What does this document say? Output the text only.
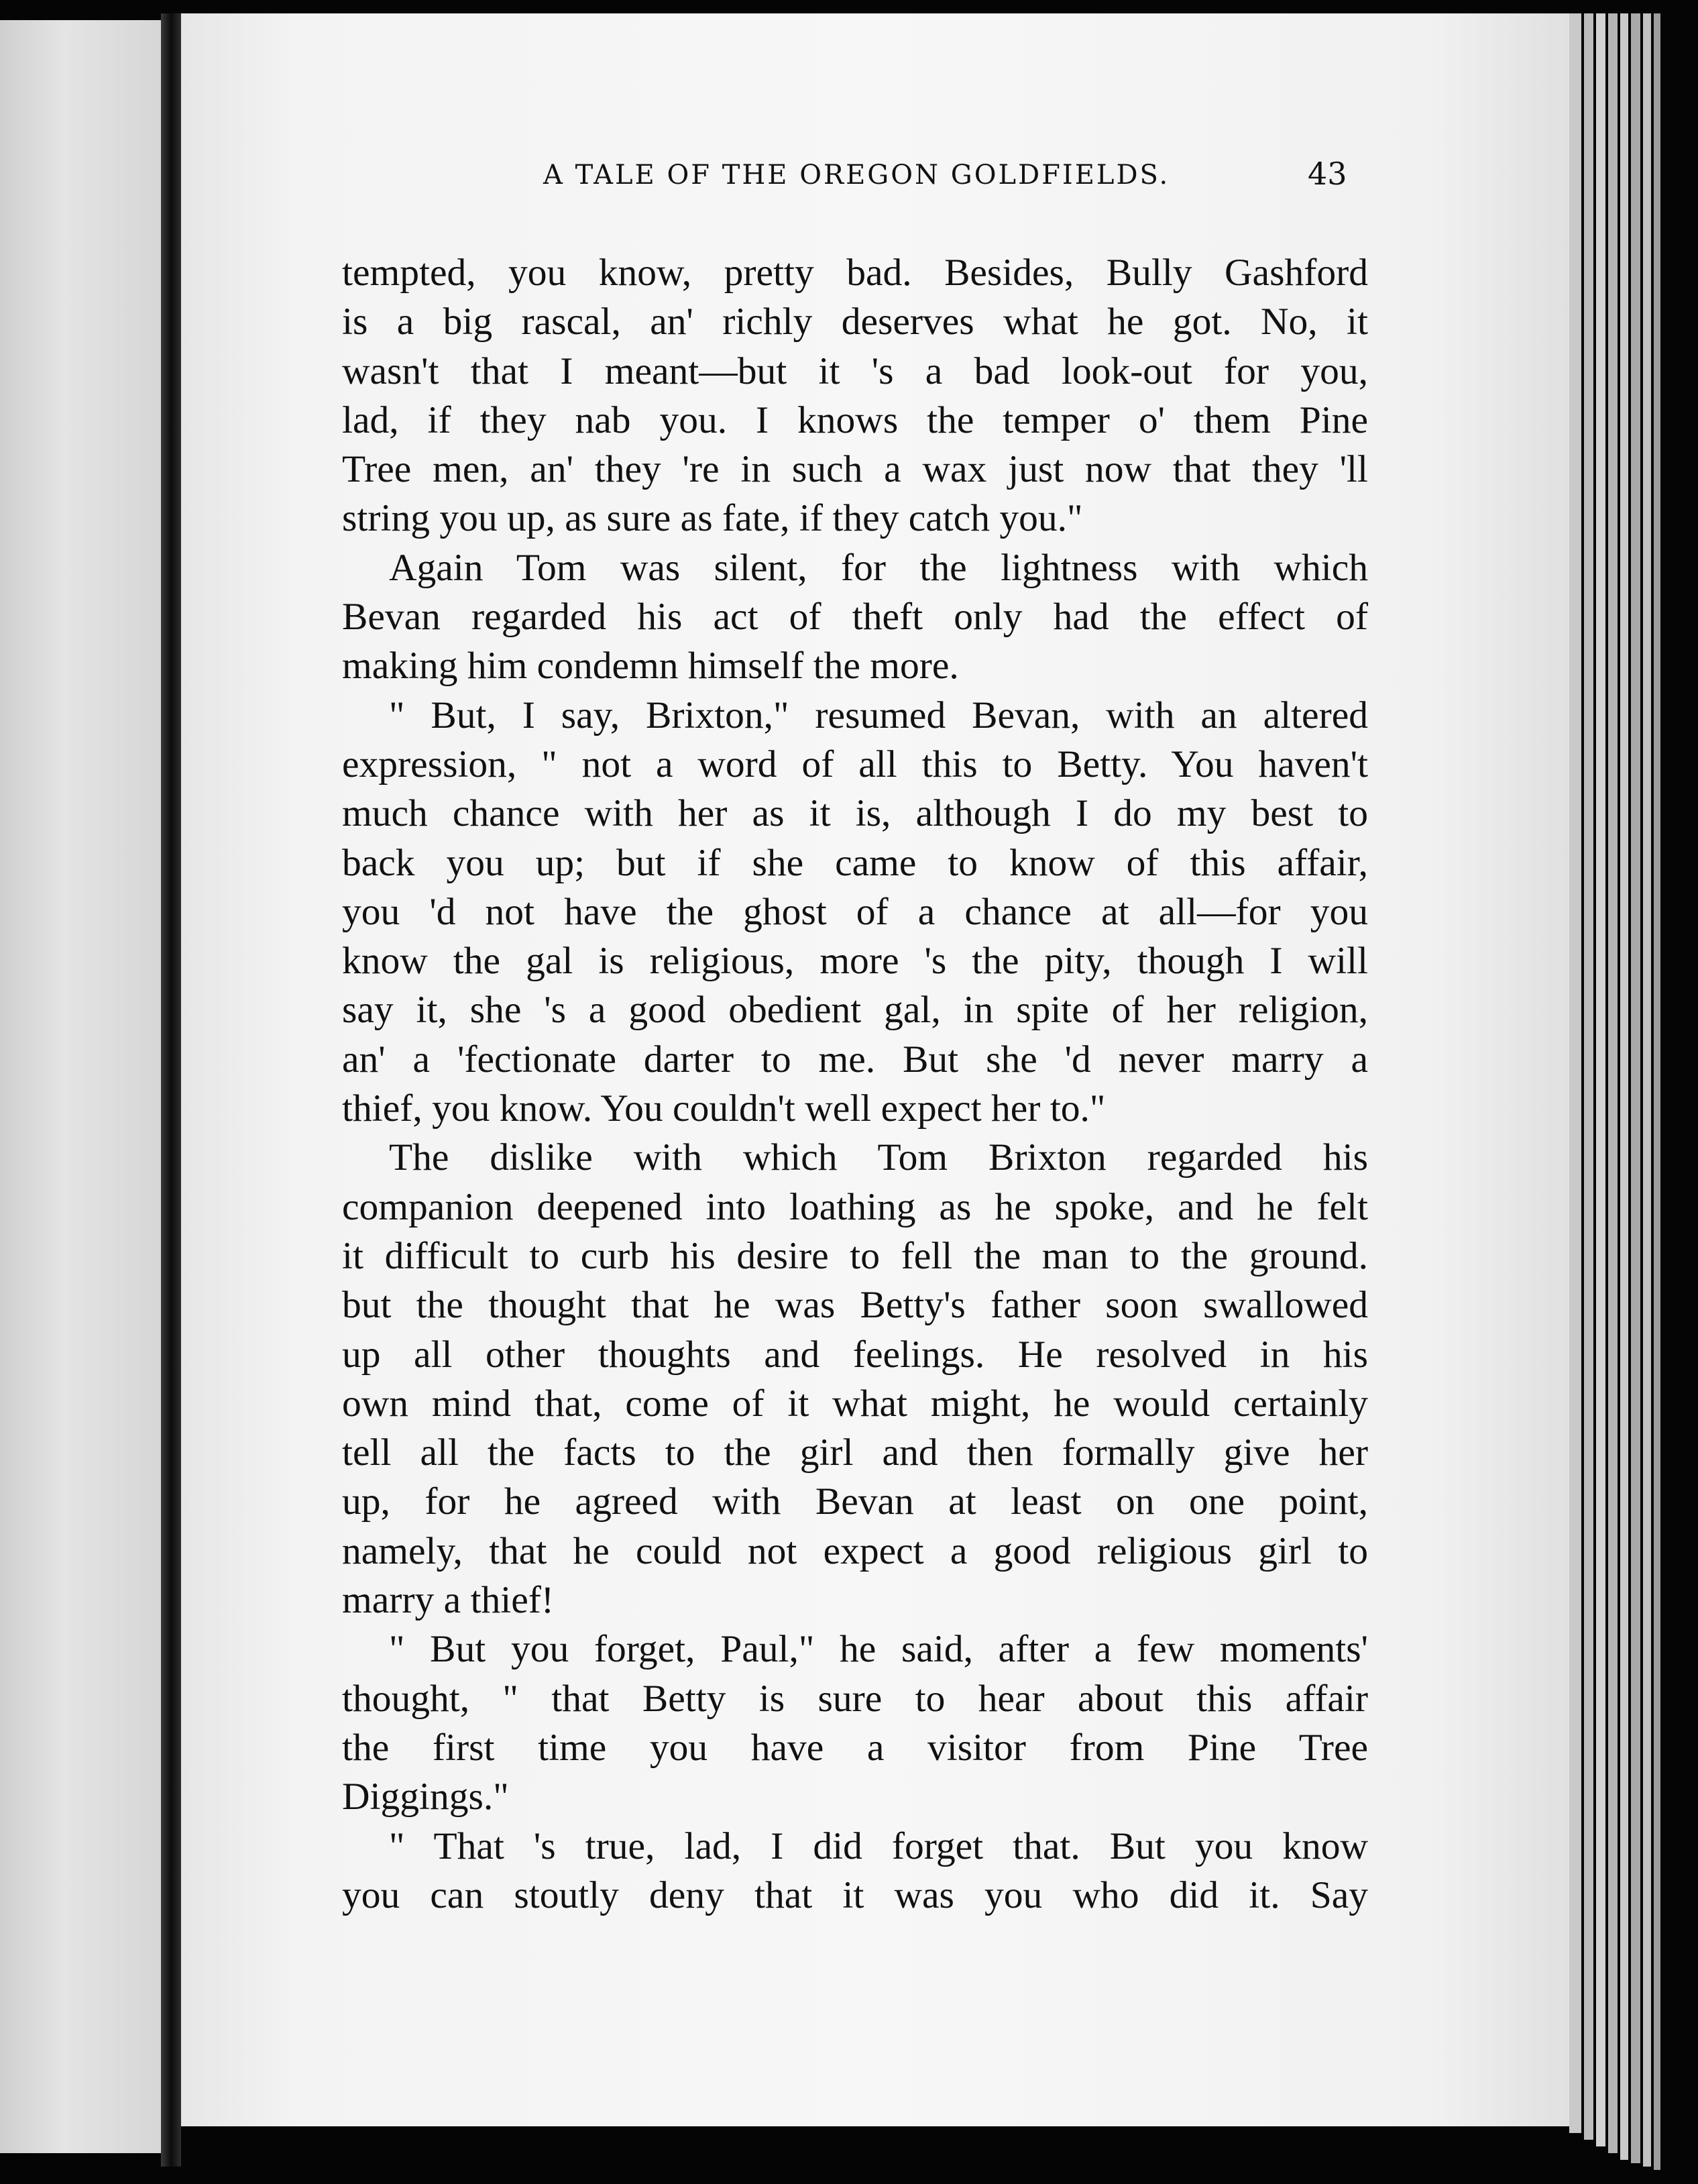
A TALE OF THE OREGON GOLDFIELDS.	43
tempted, you know, pretty bad. Besides, Bully Gashford
is a big rascal, an' richly deserves what he got. No, it
wasn't that I meant—but it 's a bad look-out for you,
lad, if they nab you. I knows the temper o' them Pine
Tree men, an' they 're in such a wax just now that they 'll
string you up, as sure as fate, if they catch you."
Again Tom was silent, for the lightness with which
Bevan regarded his act of theft only had the effect of
making him condemn himself the more.
" But, I say, Brixton," resumed Bevan, with an altered
expression, " not a word of all this to Betty. You haven't
much chance with her as it is, although I do my best to
back you up; but if she came to know of this affair,
you 'd not have the ghost of a chance at all—for you
know the gal is religious, more 's the pity, though I will
say it, she 's a good obedient gal, in spite of her religion,
an' a 'fectionate darter to me. But she 'd never marry a
thief, you know. You couldn't well expect her to."
The dislike with which Tom Brixton regarded his
companion deepened into loathing as he spoke, and he felt
it difficult to curb his desire to fell the man to the ground.
but the thought that he was Betty's father soon swallowed
up all other thoughts and feelings. He resolved in his
own mind that, come of it what might, he would certainly
tell all the facts to the girl and then formally give her
up, for he agreed with Bevan at least on one point,
namely, that he could not expect a good religious girl to
marry a thief!
" But you forget, Paul," he said, after a few moments'
thought, " that Betty is sure to hear about this affair
the first time you have a visitor from Pine Tree
Diggings."
" That 's true, lad, I did forget that. But you know
you can stoutly deny that it was you who did it. Say
